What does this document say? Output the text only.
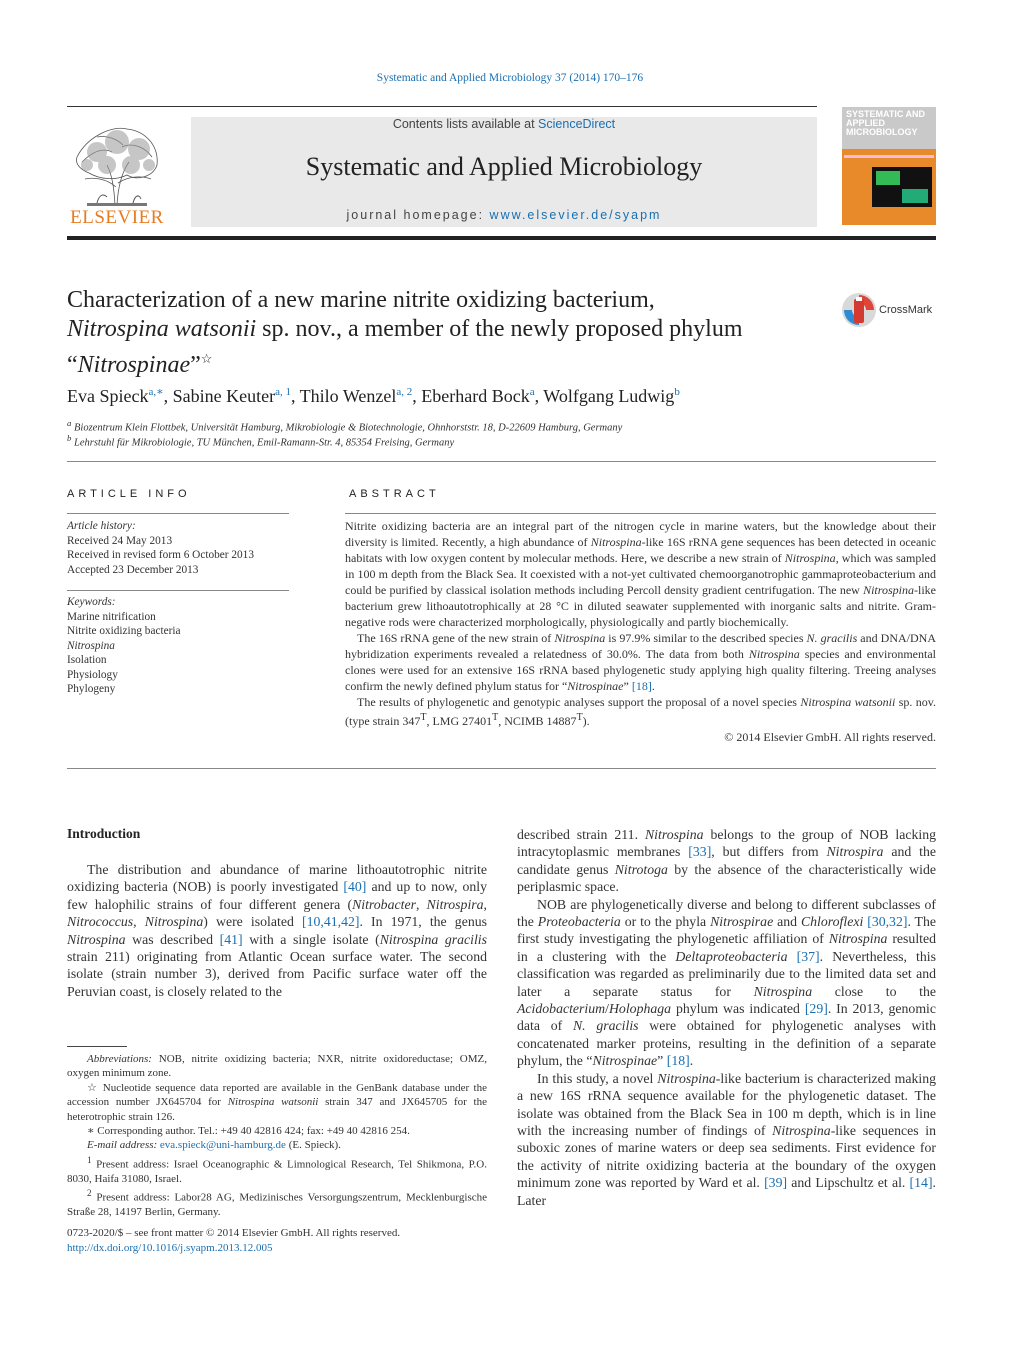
Systematic and Applied Microbiology 37 (2014) 170–176
ELSEVIER
Contents lists available at ScienceDirect
Systematic and Applied Microbiology
journal homepage: www.elsevier.de/syapm
SYSTEMATIC AND APPLIED MICROBIOLOGY
Characterization of a new marine nitrite oxidizing bacterium,
Nitrospina watsonii sp. nov., a member of the newly proposed phylum
“Nitrospinae”☆
CrossMark
Eva Spieck$^{a,∗}$, Sabine Keuter$^{a, 1}$, Thilo Wenzel$^{a, 2}$, Eberhard Bock$^a$, Wolfgang Ludwig$^b$
$^a$ Biozentrum Klein Flottbek, Universität Hamburg, Mikrobiologie & Biotechnologie, Ohnhorststr. 18, D-22609 Hamburg, Germany
$^b$ Lehrstuhl für Mikrobiologie, TU München, Emil-Ramann-Str. 4, 85354 Freising, Germany
ARTICLE INFO
Article history:
Received 24 May 2013
Received in revised form 6 October 2013
Accepted 23 December 2013
Keywords:
Marine nitrification
Nitrite oxidizing bacteria
Nitrospina
Isolation
Physiology
Phylogeny
ABSTRACT

Nitrite oxidizing bacteria are an integral part of the nitrogen cycle in marine waters, but the knowledge about their diversity is limited. Recently, a high abundance of Nitrospina-like 16S rRNA gene sequences has been detected in oceanic habitats with low oxygen content by molecular methods. Here, we describe a new strain of Nitrospina, which was sampled in 100 m depth from the Black Sea. It coexisted with a not-yet cultivated chemoorganotrophic gammaproteobacterium and could be purified by classical isolation methods including Percoll density gradient centrifugation. The new Nitrospina-like bacterium grew lithoautotrophically at 28 °C in diluted seawater supplemented with inorganic salts and nitrite. Gram-negative rods were characterized morphologically, physiologically and partly biochemically.

The 16S rRNA gene of the new strain of Nitrospina is 97.9% similar to the described species N. gracilis and DNA/DNA hybridization experiments revealed a relatedness of 30.0%. The data from both Nitrospina species and environmental clones were used for an extensive 16S rRNA based phylogenetic study applying high quality filtering. Treeing analyses confirm the newly defined phylum status for “Nitrospinae” [18].

The results of phylogenetic and genotypic analyses support the proposal of a novel species Nitrospina watsonii sp. nov. (type strain $347^T$, LMG $27401^T$, NCIMB $14887^T$).

© 2014 Elsevier GmbH. All rights reserved.
Introduction

The distribution and abundance of marine lithoautotrophic nitrite oxidizing bacteria (NOB) is poorly investigated [40] and up to now, only few halophilic strains of four different genera (Nitrobacter, Nitrospira, Nitrococcus, Nitrospina) were isolated [10,41,42]. In 1971, the genus Nitrospina was described [41] with a single isolate (Nitrospina gracilis strain 211) originating from Atlantic Ocean surface water. The second isolate (strain number 3), derived from Pacific surface water off the Peruvian coast, is closely related to the

Abbreviations: NOB, nitrite oxidizing bacteria; NXR, nitrite oxidoreductase; OMZ, oxygen minimum zone.

☆ Nucleotide sequence data reported are available in the GenBank database under the accession number JX645704 for Nitrospina watsonii strain 347 and JX645705 for the heterotrophic strain 126.

∗ Corresponding author. Tel.: +49 40 42816 424; fax: +49 40 42816 254.

E-mail address: eva.spieck@uni-hamburg.de (E. Spieck).

$^1$ Present address: Israel Oceanographic & Limnological Research, Tel Shikmona, P.O. 8030, Haifa 31080, Israel.

$^2$ Present address: Labor28 AG, Medizinisches Versorgungszentrum, Mecklenburgische Straße 28, 14197 Berlin, Germany.

0723-2020/$ – see front matter © 2014 Elsevier GmbH. All rights reserved.
http://dx.doi.org/10.1016/j.syapm.2013.12.005

described strain 211. Nitrospina belongs to the group of NOB lacking intracytoplasmic membranes [33], but differs from Nitrospira and the candidate genus Nitrotoga by the absence of the characteristically wide periplasmic space.

NOB are phylogenetically diverse and belong to different subclasses of the Proteobacteria or to the phyla Nitrospirae and Chloroflexi [30,32]. The first study investigating the phylogenetic affiliation of Nitrospina resulted in a clustering with the Deltaproteobacteria [37]. Nevertheless, this classification was regarded as preliminarily due to the limited data set and later a separate status for Nitrospina close to the Acidobacterium/Holophaga phylum was indicated [29]. In 2013, genomic data of N. gracilis were obtained for phylogenetic analyses with concatenated marker proteins, resulting in the definition of a separate phylum, the “Nitrospinae” [18].

In this study, a novel Nitrospina-like bacterium is characterized making a new 16S rRNA sequence available for the phylogenetic dataset. The isolate was obtained from the Black Sea in 100 m depth, which is in line with the increasing number of findings of Nitrospina-like sequences in suboxic zones of marine waters or deep sea sediments. First evidence for the activity of nitrite oxidizing bacteria at the boundary of the oxygen minimum zone was reported by Ward et al. [39] and Lipschultz et al. [14]. Later
